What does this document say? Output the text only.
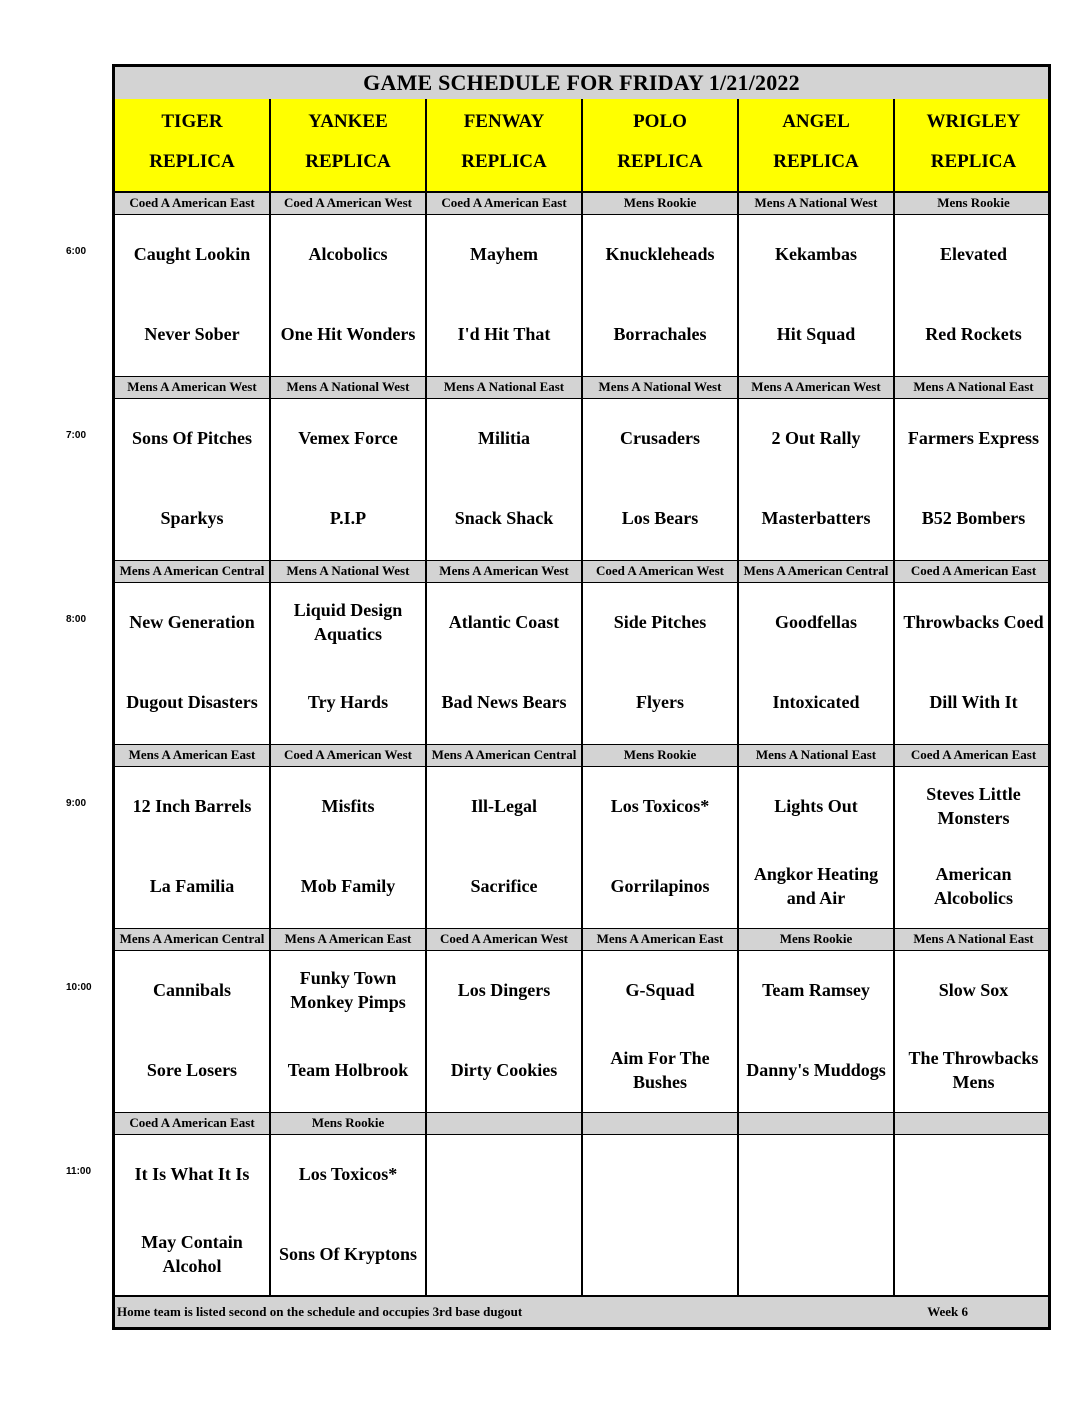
6:00
7:00
8:00
9:00
10:00
11:00
GAME SCHEDULE FOR FRIDAY 1/21/2022
TIGER
REPLICA
YANKEE
REPLICA
FENWAY
REPLICA
POLO
REPLICA
ANGEL
REPLICA
WRIGLEY
REPLICA
Coed A American East
Caught Lookin
Never Sober
Coed A American West
Alcobolics
One Hit Wonders
Coed A American East
Mayhem
I'd Hit That
Mens Rookie
Knuckleheads
Borrachales
Mens A National West
Kekambas
Hit Squad
Mens Rookie
Elevated
Red Rockets
Mens A American West
Sons Of Pitches
Sparkys
Mens A National West
Vemex Force
P.I.P
Mens A National East
Militia
Snack Shack
Mens A National West
Crusaders
Los Bears
Mens A American West
2 Out Rally
Masterbatters
Mens A National East
Farmers Express
B52 Bombers
Mens A American Central
New Generation
Dugout Disasters
Mens A National West
Liquid Design Aquatics
Try Hards
Mens A American West
Atlantic Coast
Bad News Bears
Coed A American West
Side Pitches
Flyers
Mens A American Central
Goodfellas
Intoxicated
Coed A American East
Throwbacks Coed
Dill With It
Mens A American East
12 Inch Barrels
La Familia
Coed A American West
Misfits
Mob Family
Mens A American Central
Ill-Legal
Sacrifice
Mens Rookie
Los Toxicos*
Gorrilapinos
Mens A National East
Lights Out
Angkor Heating and Air
Coed A American East
Steves Little Monsters
American Alcobolics
Mens A American Central
Cannibals
Sore Losers
Mens A American East
Funky Town Monkey Pimps
Team Holbrook
Coed A American West
Los Dingers
Dirty Cookies
Mens A American East
G-Squad
Aim For The Bushes
Mens Rookie
Team Ramsey
Danny's Muddogs
Mens A National East
Slow Sox
The Throwbacks Mens
Coed A American East
It Is What It Is
May Contain Alcohol
Mens Rookie
Los Toxicos*
Sons Of Kryptons
Home team is listed second on the schedule and occupies 3rd base dugout	Week 6
